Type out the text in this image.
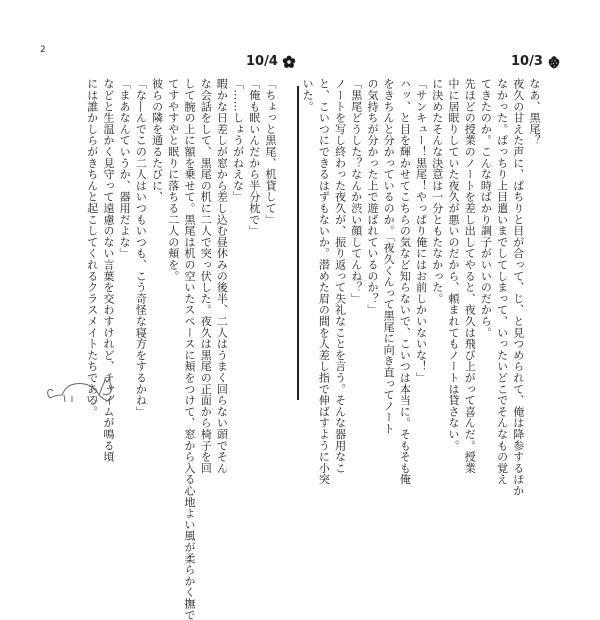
2
10/4
「ちょっと黒尾、机貸して」
「俺も眠いんだから半分枕で」
「……しょうがねえな」
暇かな日差しが窓から差し込む昼休みの後半、二人はうまく回らない頭でそん
な会話をして、黒尾の机に二人で突っ伏した。夜久は黒尾の正面から椅子を回
して腕の上に額を乗せて。黒尾は机の空いたスペースに頬をつけて、窓から入る心地よい風が柔らかく撫で
てすやすやと眠りに落ちる二人の頬を。
彼らの隣を通るたびに、
「な―んでこの二人はいつもいつも、こう奇怪な寝方をするかね」
「まあなんていうか、器用だよな」
などと生温かく見守って遠慮のない言葉を交わすけれど、チャイムが鳴る頃
には誰かしらがきちんと起こしてくれるクラスメイトたちである。
10/3
なあ、黒尾？
夜久の甘えた声に、ぱちりと目が合って、じ、と見つめられて、俺は降参するほか
なかった。ぱっちり上目遣いまでしてしまって、いったいどこでそんなもの覚え
てきたのか。こんな時ばかり調子がいいのだから。
先ほどの授業のノートを差し出してやると、夜久は飛び上がって喜んだ。授業
中に居眠りしていた夜久が悪いのだから、頼まれてもノートは貸さない。
に決めたそんな決意は一分ともたなかった。
「サンキュー！黒尾！やっぱり俺にはお前しかいないな！」
ハッ、と目を輝かせてこちらの気など知らないで、こいつは本当に。そもそも俺
をきちんと分かっているのか。「夜久くんって黒尾に向き直ってノート
の気持ちが分かった上で遊ばれているのか？」
「黒尾どうした？なんか渋い顔してんね？」
ノートを写し終わった夜久が、振り返って失礼なことを言う。そんな器用なこ
と、こいつにできるはずもないか。潜めた眉の間を人差し指で伸ばすように小突
いた。
